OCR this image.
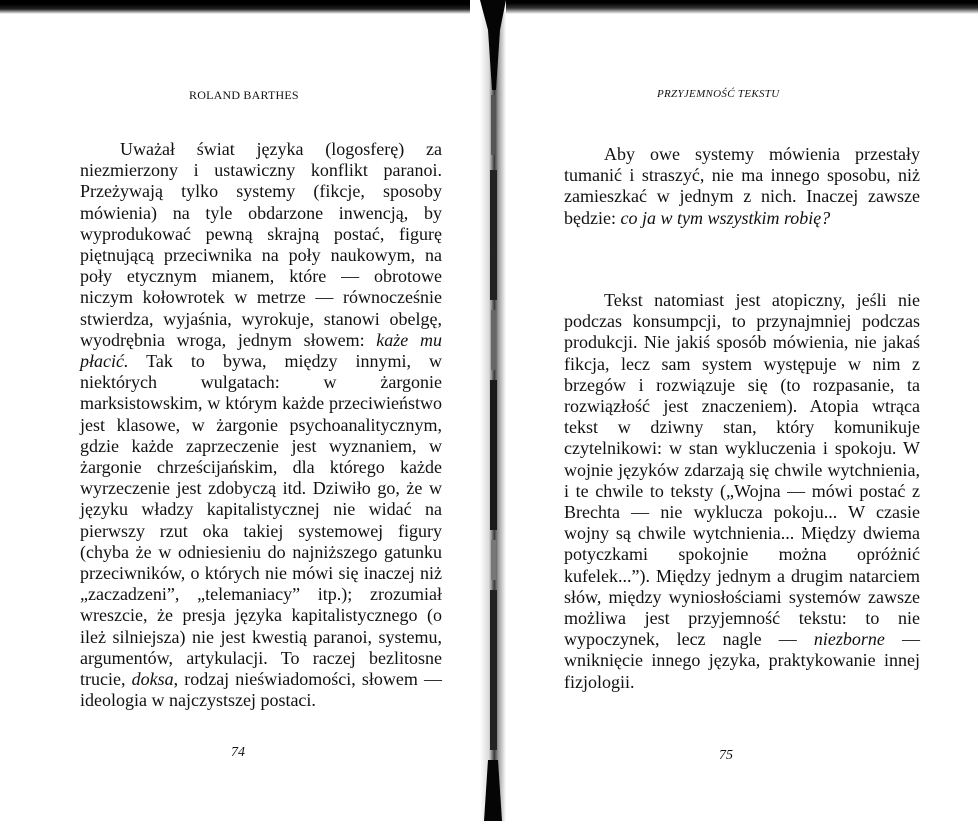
ROLAND BARTHES

Uważał świat języka (logosferę) za niezmierzony i ustawiczny konflikt paranoi. Przeżywają tylko systemy (fikcje, sposoby mówienia) na tyle obdarzone inwencją, by wyprodukować pewną skrajną postać, figurę piętnującą przeciwnika na poły naukowym, na poły etycznym mianem, które — obrotowe niczym kołowrotek w metrze — równocześnie stwierdza, wyjaśnia, wyrokuje, stanowi obelgę, wyodrębnia wroga, jednym słowem: każe mu płacić. Tak to bywa, między innymi, w niektórych wulgatach: w żargonie marksistowskim, w którym każde przeciwieństwo jest klasowe, w żargonie psychoanalitycznym, gdzie każde zaprzeczenie jest wyznaniem, w żargonie chrześcijańskim, dla którego każde wyrzeczenie jest zdobyczą itd. Dziwiło go, że w języku władzy kapitalistycznej nie widać na pierwszy rzut oka takiej systemowej figury (chyba że w odniesieniu do najniższego gatunku przeciwników, o których nie mówi się inaczej niż „zaczadzeni”, „telemaniacy” itp.); zrozumiał wreszcie, że presja języka kapitalistycznego (o ileż silniejsza) nie jest kwestią paranoi, systemu, argumentów, artykulacji. To raczej bezlitosne trucie, doksa, rodzaj nieświadomości, słowem — ideologia w najczystszej postaci.

74
PRZYJEMNOŚĆ TEKSTU

Aby owe systemy mówienia przestały tumanić i straszyć, nie ma innego sposobu, niż zamieszkać w jednym z nich. Inaczej zawsze będzie: co ja w tym wszystkim robię?

Tekst natomiast jest atopiczny, jeśli nie podczas konsumpcji, to przynajmniej podczas produkcji. Nie jakiś sposób mówienia, nie jakaś fikcja, lecz sam system występuje w nim z brzegów i rozwiązuje się (to rozpasanie, ta rozwiązłość jest znaczeniem). Atopia wtrąca tekst w dziwny stan, który komunikuje czytelnikowi: w stan wykluczenia i spokoju. W wojnie języków zdarzają się chwile wytchnienia, i te chwile to teksty („Wojna — mówi postać z Brechta — nie wyklucza pokoju... W czasie wojny są chwile wytchnienia... Między dwiema potyczkami spokojnie można opróżnić kufelek...”). Między jednym a drugim natarciem słów, między wyniosłościami systemów zawsze możliwa jest przyjemność tekstu: to nie wypoczynek, lecz nagle — niezborne — wniknięcie innego języka, praktykowanie innej fizjologii.

75
